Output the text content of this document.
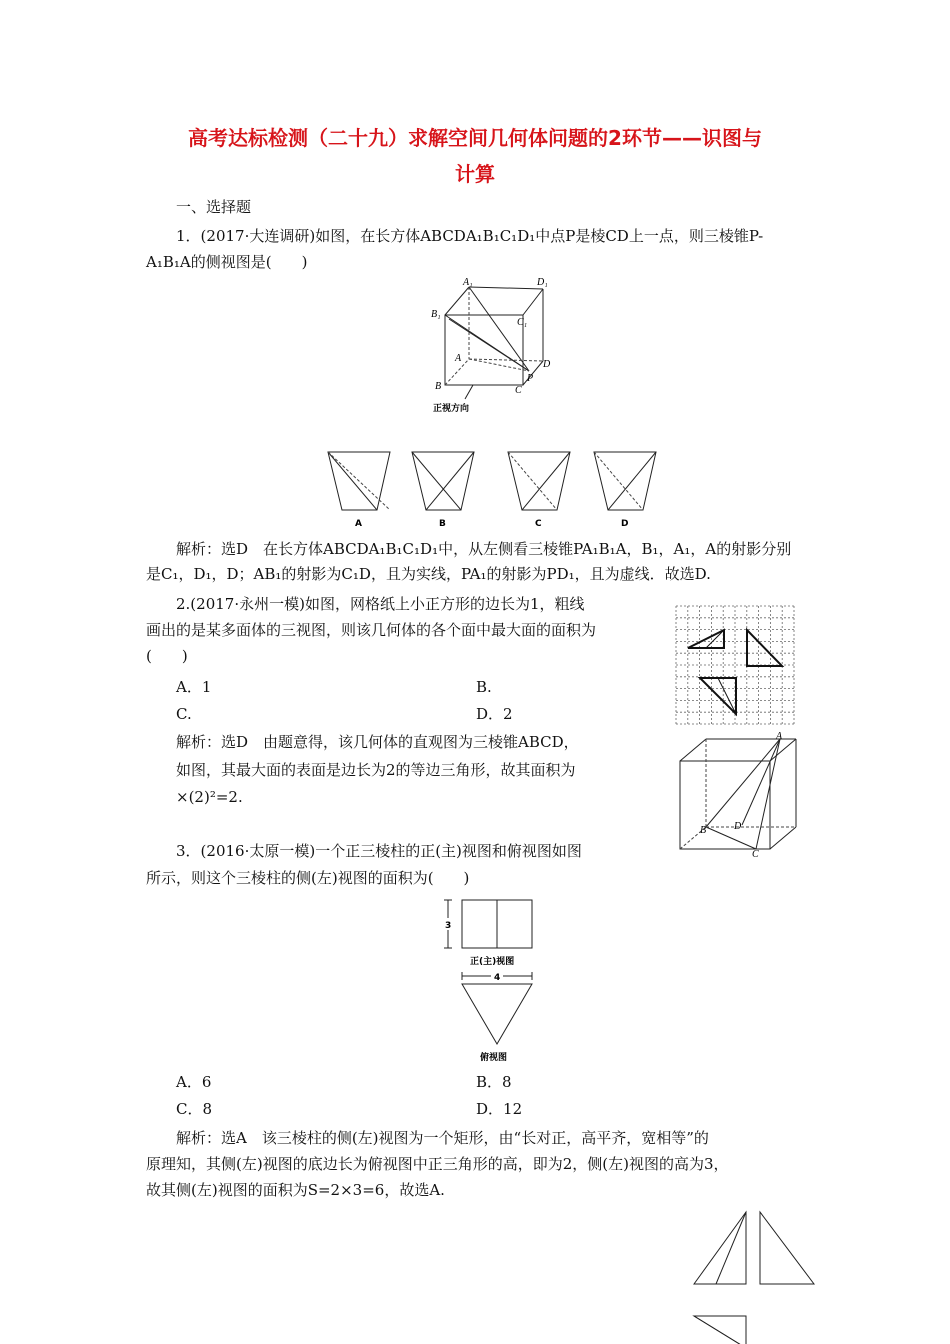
高考达标检测（二十九）求解空间几何体问题的2环节——识图与
计算
一、选择题
1．(2017·大连调研)如图，在长方体ABCDA₁B₁C₁D₁中点P是棱CD上一点，则三棱锥P-
A₁B₁A的侧视图是(　　)
A₁	D₁
B₁
C₁
A
D
B
P
C
正视方向
A	B	C	D
解析：选D　在长方体ABCDA₁B₁C₁D₁中，从左侧看三棱锥PA₁B₁A，B₁，A₁，A的射影分别
是C₁，D₁，D；AB₁的射影为C₁D，且为实线，PA₁的射影为PD₁，且为虚线．故选D.
2.(2017·永州一模)如图，网格纸上小正方形的边长为1，粗线
画出的是某多面体的三视图，则该几何体的各个面中最大面的面积为
(　　)
A．1	B.
C.	D．2
解析：选D　由题意得，该几何体的直观图为三棱锥ABCD，
如图，其最大面的表面是边长为2的等边三角形，故其面积为
×(2)²=2.
A
B	D
C
3．(2016·太原一模)一个正三棱柱的正(主)视图和俯视图如图
所示，则这个三棱柱的侧(左)视图的面积为(　　)
3
4
正(主)视图
俯视图
A．6	B．8
C．8	D．12
解析：选A　该三棱柱的侧(左)视图为一个矩形，由“长对正，高平齐，宽相等”的
原理知，其侧(左)视图的底边长为俯视图中正三角形的高，即为2，侧(左)视图的高为3，
故其侧(左)视图的面积为S=2×3=6，故选A.
